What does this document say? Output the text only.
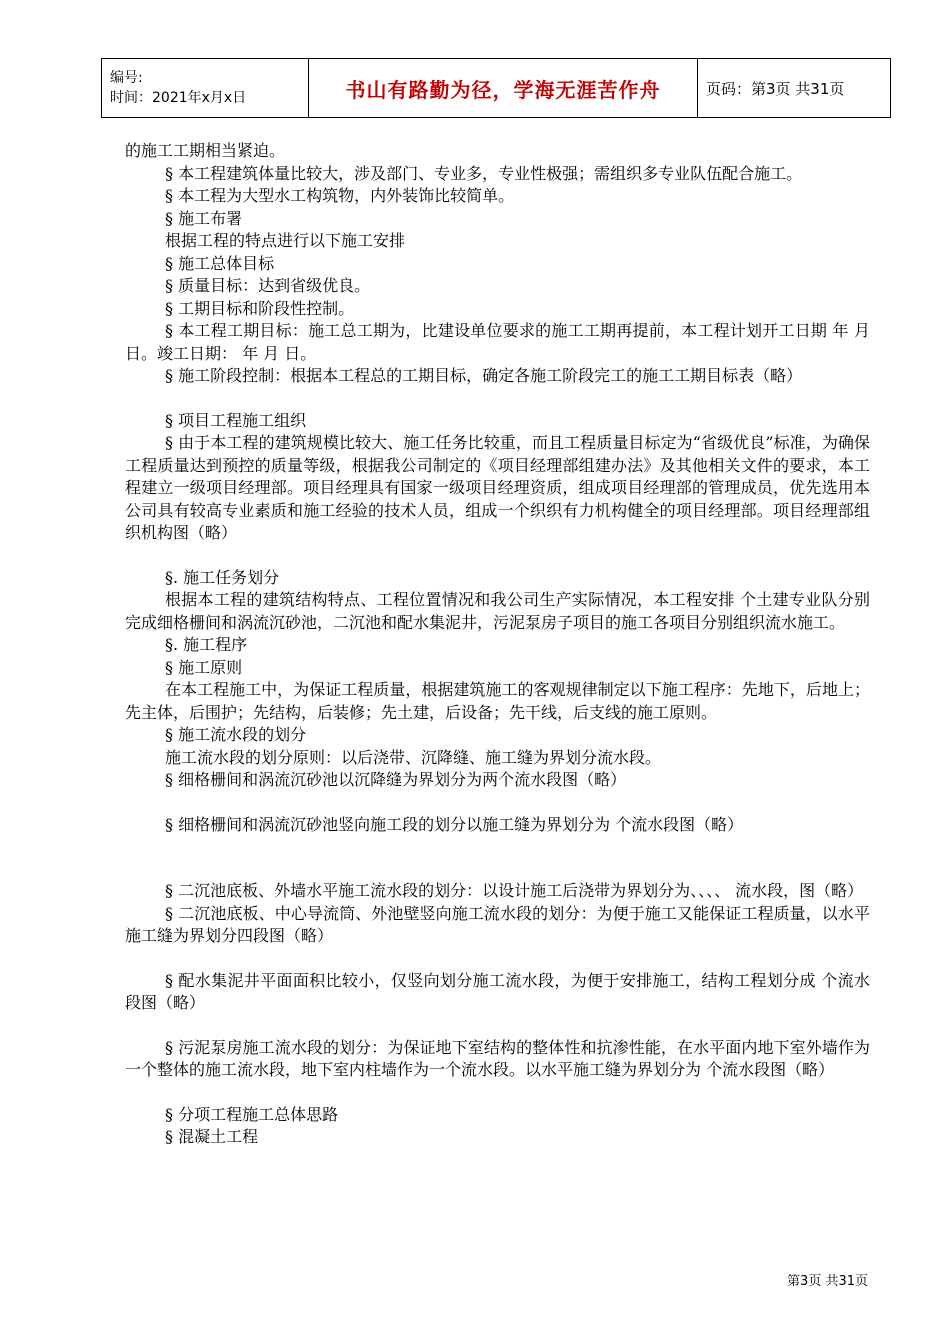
编号:
时间：2021年x月x日	书山有路勤为径，学海无涯苦作舟	页码：第3页 共31页

的施工工期相当紧迫。

§ 本工程建筑体量比较大，涉及部门、专业多，专业性极强；需组织多专业队伍配合施工。

§ 本工程为大型水工构筑物，内外装饰比较简单。

§ 施工布署

根据工程的特点进行以下施工安排

§ 施工总体目标

§ 质量目标：达到省级优良。

§ 工期目标和阶段性控制。

§ 本工程工期目标：施工总工期为，比建设单位要求的施工工期再提前，本工程计划开工日期 年 月 日。竣工日期： 年 月 日。

§ 施工阶段控制：根据本工程总的工期目标，确定各施工阶段完工的施工工期目标表（略）

§ 项目工程施工组织

§ 由于本工程的建筑规模比较大、施工任务比较重，而且工程质量目标定为“省级优良”标准，为确保工程质量达到预控的质量等级，根据我公司制定的《项目经理部组建办法》及其他相关文件的要求，本工程建立一级项目经理部。项目经理具有国家一级项目经理资质，组成项目经理部的管理成员，优先选用本公司具有较高专业素质和施工经验的技术人员，组成一个织织有力机构健全的项目经理部。项目经理部组织机构图（略）

§. 施工任务划分

根据本工程的建筑结构特点、工程位置情况和我公司生产实际情况，本工程安排 个土建专业队分别完成细格栅间和涡流沉砂池，二沉池和配水集泥井，污泥泵房子项目的施工各项目分别组织流水施工。

§. 施工程序

§ 施工原则

在本工程施工中，为保证工程质量，根据建筑施工的客观规律制定以下施工程序：先地下，后地上；先主体，后围护；先结构，后装修；先土建，后设备；先干线，后支线的施工原则。

§ 施工流水段的划分

施工流水段的划分原则：以后浇带、沉降缝、施工缝为界划分流水段。

§ 细格栅间和涡流沉砂池以沉降缝为界划分为两个流水段图（略）

§ 细格栅间和涡流沉砂池竖向施工段的划分以施工缝为界划分为 个流水段图（略）

§ 二沉池底板、外墙水平施工流水段的划分：以设计施工后浇带为界划分为、、、、 流水段，图（略）

§ 二沉池底板、中心导流筒、外池壁竖向施工流水段的划分：为便于施工又能保证工程质量，以水平施工缝为界划分四段图（略）

§ 配水集泥井平面面积比较小，仅竖向划分施工流水段，为便于安排施工，结构工程划分成 个流水段图（略）

§ 污泥泵房施工流水段的划分：为保证地下室结构的整体性和抗渗性能，在水平面内地下室外墙作为一个整体的施工流水段，地下室内柱墙作为一个流水段。以水平施工缝为界划分为 个流水段图（略）

§ 分项工程施工总体思路

§ 混凝土工程

第3页 共31页
